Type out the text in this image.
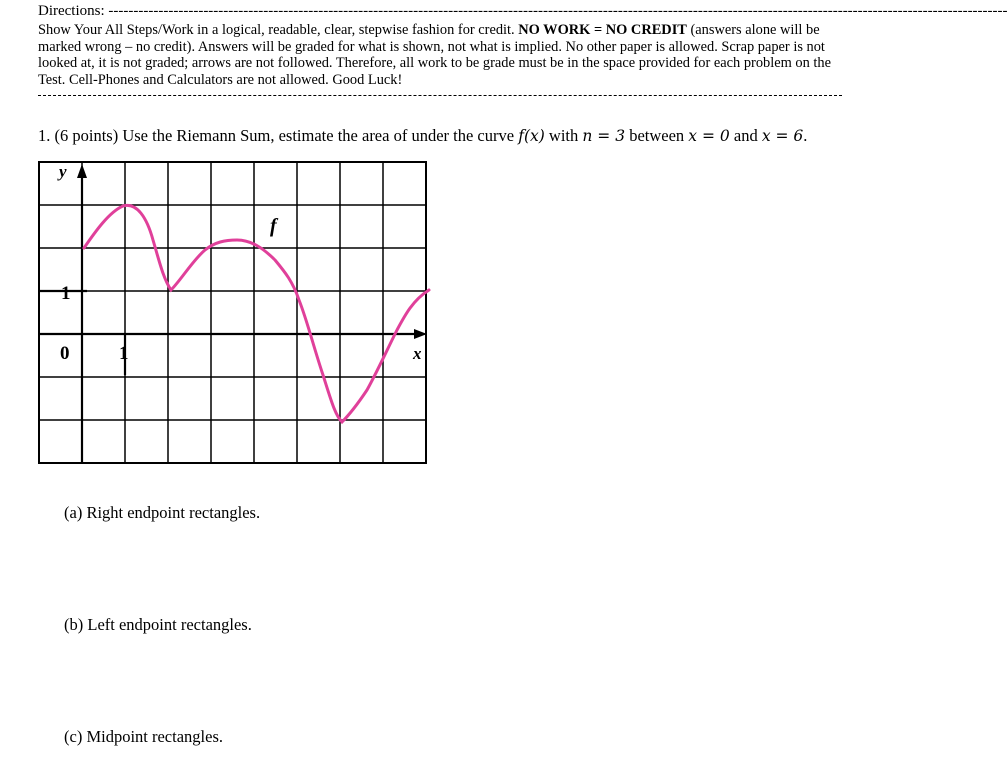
Directions: ------------------------------------------------------------------------------------------------------------------------------------------------------------------------------------
Show Your All Steps/Work in a logical, readable, clear, stepwise fashion for credit. NO WORK = NO CREDIT (answers alone will be marked wrong – no credit). Answers will be graded for what is shown, not what is implied. No other paper is allowed. Scrap paper is not looked at, it is not graded; arrows are not followed. Therefore, all work to be grade must be in the space provided for each problem on the Test. Cell-Phones and Calculators are not allowed. Good Luck!
1. (6 points) Use the Riemann Sum, estimate the area of under the curve f(x) with n = 3 between x = 0 and x = 6.
y
x
f
1
0	1
(a) Right endpoint rectangles.
(b) Left endpoint rectangles.
(c) Midpoint rectangles.
